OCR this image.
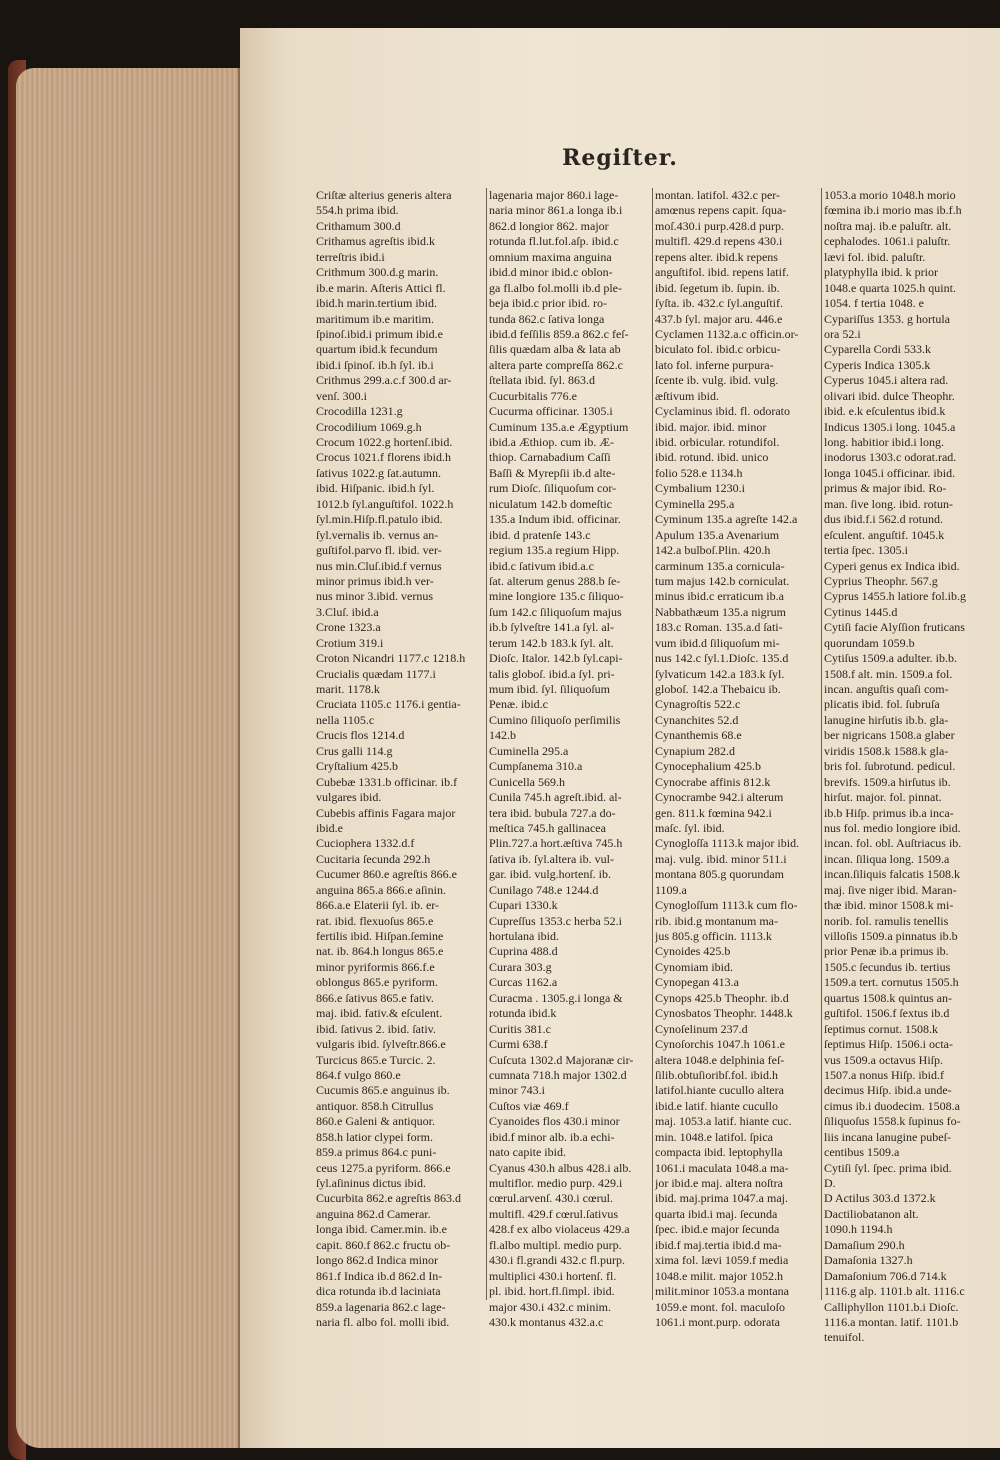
Regiſter.
Criſtæ alterius generis altera
554.h prima ibid.
Crithamum 300.d
Crithamus agreſtis ibid.k
terreſtris ibid.i
Crithmum 300.d.g marin.
ib.e marin. Aſteris Attici fl.
ibid.h marin.tertium ibid.
maritimum ib.e maritim.
ſpinoſ.ibid.i primum ibid.e
quartum ibid.k fecundum
ibid.i ſpinoſ. ib.h ſyl. ib.i
Crithmus 299.a.c.f 300.d ar-
venſ. 300.i
Crocodilla 1231.g
Crocodilium 1069.g.h
Crocum 1022.g hortenſ.ibid.
Crocus 1021.f florens ibid.h
ſativus 1022.g ſat.autumn.
ibid. Hiſpanic. ibid.h ſyl.
1012.b ſyl.anguſtifol. 1022.h
ſyl.min.Hiſp.fl.patulo ibid.
ſyl.vernalis ib. vernus an-
guſtifol.parvo fl. ibid. ver-
nus min.Cluſ.ibid.f vernus
minor primus ibid.h ver-
nus minor 3.ibid. vernus
3.Cluſ. ibid.a
Crone 1323.a
Crotium 319.i
Croton Nicandri 1177.c 1218.h
Crucialis quædam 1177.i
marit. 1178.k
Cruciata 1105.c 1176.i gentia-
nella 1105.c
Crucis flos 1214.d
Crus galli 114.g
Cryſtalium 425.b
Cubebæ 1331.b officinar. ib.f
vulgares ibid.
Cubebis affinis Fagara major
ibid.e
Cuciophera 1332.d.f
Cucitaria ſecunda 292.h
Cucumer 860.e agreſtis 866.e
anguina 865.a 866.e aſinin.
866.a.e Elaterii ſyl. ib. er-
rat. ibid. flexuoſus 865.e
fertilis ibid. Hiſpan.ſemine
nat. ib. 864.h longus 865.e
minor pyriformis 866.f.e
oblongus 865.e pyriform.
866.e ſativus 865.e fativ.
maj. ibid. fativ.& eſculent.
ibid. ſativus 2. ibid. ſativ.
vulgaris ibid. ſylveſtr.866.e
Turcicus 865.e Turcic. 2.
864.f vulgo 860.e
Cucumis 865.e anguinus ib.
antiquor. 858.h Citrullus
860.e Galeni & antiquor.
858.h latior clypei form.
859.a primus 864.c puni-
ceus 1275.a pyriform. 866.e
ſyl.aſininus dictus ibid.
Cucurbita 862.e agreſtis 863.d
anguina 862.d Camerar.
longa ibid. Camer.min. ib.e
capit. 860.f 862.c fructu ob-
longo 862.d Indica minor
861.f Indica ib.d 862.d In-
dica rotunda ib.d laciniata
859.a lagenaria 862.c lage-
naria fl. albo fol. molli ibid.
lagenaria major 860.i lage-
naria minor 861.a longa ib.i
862.d longior 862. major
rotunda fl.lut.fol.aſp. ibid.c
omnium maxima anguina
ibid.d minor ibid.c oblon-
ga fl.albo fol.molli ib.d ple-
beja ibid.c prior ibid. ro-
tunda 862.c ſativa longa
ibid.d feſſilis 859.a 862.c feſ-
ſilis quædam alba & lata ab
altera parte compreſſa 862.c
ſtellata ibid. ſyl. 863.d
Cucurbitalis 776.e
Cucurma officinar. 1305.i
Cuminum 135.a.e Ægyptium
ibid.a Æthiop. cum ib. Æ-
thiop. Carnabadium Caſſi
Baſſi & Myrepſii ib.d alte-
rum Dioſc. ſiliquoſum cor-
niculatum 142.b domeſtic
135.a Indum ibid. officinar.
ibid. d pratenſe 143.c
regium 135.a regium Hipp.
ibid.c ſativum ibid.a.c
ſat. alterum genus 288.b ſe-
mine longiore 135.c ſiliquo-
ſum 142.c ſiliquoſum majus
ib.b ſylveſtre 141.a ſyl. al-
terum 142.b 183.k ſyl. alt.
Dioſc. Italor. 142.b ſyl.capi-
talis globoſ. ibid.a ſyl. pri-
mum ibid. ſyl. ſiliquoſum
Penæ. ibid.c
Cumino ſiliquoſo perſimilis
142.b
Cuminella 295.a
Cumpſanema 310.a
Cunicella 569.h
Cunila 745.h agreſt.ibid. al-
tera ibid. bubula 727.a do-
meſtica 745.h gallinacea
Plin.727.a hort.æſtiva 745.h
ſativa ib. ſyl.altera ib. vul-
gar. ibid. vulg.hortenſ. ib.
Cunilago 748.e 1244.d
Cupari 1330.k
Cupreſſus 1353.c herba 52.i
hortulana ibid.
Cuprina 488.d
Curara 303.g
Curcas 1162.a
Curacma . 1305.g.i longa &
rotunda ibid.k
Curitis 381.c
Curmi 638.f
Cuſcuta 1302.d Majoranæ cir-
cumnata 718.h major 1302.d
minor 743.i
Cuſtos viæ 469.f
Cyanoides flos 430.i minor
ibid.f minor alb. ib.a echi-
nato capite ibid.
Cyanus 430.h albus 428.i alb.
multiflor. medio purp. 429.i
cœrul.arvenſ. 430.i cœrul.
multifl. 429.f cœrul.ſativus
428.f ex albo violaceus 429.a
fl.albo multipl. medio purp.
430.i fl.grandi 432.c fl.purp.
multiplici 430.i hortenſ. fl.
pl. ibid. hort.fl.ſimpl. ibid.
major 430.i 432.c minim.
430.k montanus 432.a.c
montan. latifol. 432.c per-
amœnus repens capit. ſqua-
moſ.430.i purp.428.d purp.
multifl. 429.d repens 430.i
repens alter. ibid.k repens
anguſtifol. ibid. repens latif.
ibid. ſegetum ib. ſupin. ib.
ſyſta. ib. 432.c ſyl.anguſtif.
437.b ſyl. major aru. 446.e
Cyclamen 1132.a.c officin.or-
biculato fol. ibid.c orbicu-
lato fol. inferne purpura-
ſcente ib. vulg. ibid. vulg.
æſtivum ibid.
Cyclaminus ibid. fl. odorato
ibid. major. ibid. minor
ibid. orbicular. rotundifol.
ibid. rotund. ibid. unico
folio 528.e 1134.h
Cymbalium 1230.i
Cyminella 295.a
Cyminum 135.a agreſte 142.a
Apulum 135.a Avenarium
142.a bulboſ.Plin. 420.h
carminum 135.a cornicula-
tum majus 142.b corniculat.
minus ibid.c erraticum ib.a
Nabbathæum 135.a nigrum
183.c Roman. 135.a.d ſati-
vum ibid.d ſiliquoſum mi-
nus 142.c ſyl.1.Dioſc. 135.d
ſylvaticum 142.a 183.k ſyl.
globoſ. 142.a Thebaicu ib.
Cynagroſtis 522.c
Cynanchites 52.d
Cynanthemis 68.e
Cynapium 282.d
Cynocephalium 425.b
Cynocrabe affinis 812.k
Cynocrambe 942.i alterum
gen. 811.k fœmina 942.i
maſc. ſyl. ibid.
Cynogloſſa 1113.k major ibid.
maj. vulg. ibid. minor 511.i
montana 805.g quorundam
1109.a
Cynogloſſum 1113.k cum flo-
rib. ibid.g montanum ma-
jus 805.g officin. 1113.k
Cynoides 425.b
Cynomiam ibid.
Cynopegan 413.a
Cynops 425.b Theophr. ib.d
Cynosbatos Theophr. 1448.k
Cynoſelinum 237.d
Cynoſorchis 1047.h 1061.e
altera 1048.e delphinia feſ-
ſilib.obtuſioribſ.fol. ibid.h
latifol.hiante cucullo altera
ibid.e latif. hiante cucullo
maj. 1053.a latif. hiante cuc.
min. 1048.e latifol. ſpica
compacta ibid. leptophylla
1061.i maculata 1048.a ma-
jor ibid.e maj. altera noſtra
ibid. maj.prima 1047.a maj.
quarta ibid.i maj. ſecunda
ſpec. ibid.e major ſecunda
ibid.f maj.tertia ibid.d ma-
xima fol. lævi 1059.f media
1048.e milit. major 1052.h
milit.minor 1053.a montana
1059.e mont. fol. maculoſo
1061.i mont.purp. odorata
1053.a morio 1048.h morio
fœmina ib.i morio mas ib.f.h
noſtra maj. ib.e paluſtr. alt.
cephalodes. 1061.i paluſtr.
lævi fol. ibid. paluſtr.
platyphylla ibid. k prior
1048.e quarta 1025.h quint.
1054. f tertia 1048. e
Cypariſſus 1353. g hortula
ora 52.i
Cyparella Cordi 533.k
Cyperis Indica 1305.k
Cyperus 1045.i altera rad.
olivari ibid. dulce Theophr.
ibid. e.k eſculentus ibid.k
Indicus 1305.i long. 1045.a
long. habitior ibid.i long.
inodorus 1303.c odorat.rad.
longa 1045.i officinar. ibid.
primus & major ibid. Ro-
man. ſive long. ibid. rotun-
dus ibid.f.i 562.d rotund.
eſculent. anguſtif. 1045.k
tertia ſpec. 1305.i
Cyperi genus ex Indica ibid.
Cyprius Theophr. 567.g
Cyprus 1455.h latiore fol.ib.g
Cytinus 1445.d
Cytiſi facie Alyſſion fruticans
quorundam 1059.b
Cytiſus 1509.a adulter. ib.b.
1508.f alt. min. 1509.a fol.
incan. anguſtis quaſi com-
plicatis ibid. fol. ſubruſa
lanugine hirſutis ib.b. gla-
ber nigricans 1508.a glaber
viridis 1508.k 1588.k gla-
bris fol. ſubrotund. pedicul.
brevifs. 1509.a hirſutus ib.
hirſut. major. fol. pinnat.
ib.b Hiſp. primus ib.a inca-
nus fol. medio longiore ibid.
incan. fol. obl. Auſtriacus ib.
incan. ſiliqua long. 1509.a
incan.ſiliquis falcatis 1508.k
maj. ſive niger ibid. Maran-
thæ ibid. minor 1508.k mi-
norib. fol. ramulis tenellis
villoſis 1509.a pinnatus ib.b
prior Penæ ib.a primus ib.
1505.c ſecundus ib. tertius
1509.a tert. cornutus 1505.h
quartus 1508.k quintus an-
guſtifol. 1506.f ſextus ib.d
ſeptimus cornut. 1508.k
ſeptimus Hiſp. 1506.i octa-
vus 1509.a octavus Hiſp.
1507.a nonus Hiſp. ibid.f
decimus Hiſp. ibid.a unde-
cimus ib.i duodecim. 1508.a
ſiliquoſus 1558.k ſupinus fo-
liis incana lanugine pubeſ-
centibus 1509.a
Cytiſi ſyl. ſpec. prima ibid.
D.
D Actilus 303.d 1372.k
Dactiliobatanon alt.
1090.h 1194.h
Damaſium 290.h
Damaſonia 1327.h
Damaſonium 706.d 714.k
1116.g alp. 1101.b alt. 1116.c
Calliphyllon 1101.b.i Dioſc.
1116.a montan. latif. 1101.b
tenuifol.
